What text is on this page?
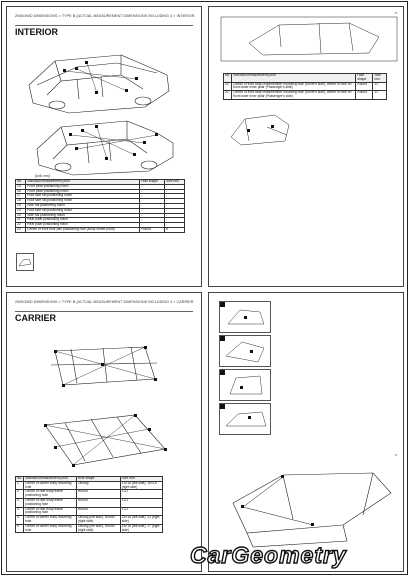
2WD/4WD DIMENSIONS > TYPE B (ACTUAL MEASUREMENT DIMENSIONS INCLUDING 4 > INTERIOR
INTERIOR
[Unit: mm]
No.	Standard measurement point	Hole shape	Size mm
15	Front pillar positioning notch	-	-
16	Front pillar positioning notch	-	-
17	Roof side rail positioning notch	-	-
18	Roof side rail positioning notch	-	-
19	Side rail positioning notch	-	-
19	Roof side rail positioning notch	-	-
20	Side rail positioning notch	-	-
21	Rear pillar positioning notch	-	-
22	Rear pillar positioning notch	-	-
23	Center of front floor pan positioning hole (Body center point)	Round	8
▪▪
No.	Standard measurement point	Hole shape	Size mm
20	Center of front seat crossmember mounting hole (Driver's side), center of hole on front lower inner pillar (Passenger's side)	Round	11
21	Center of front seat crossmember mounting hole (Driver's side), center of hole on front lower inner pillar (Passenger's side)	Round	11
2WD/4WD DIMENSIONS > TYPE B (ACTUAL MEASUREMENT DIMENSIONS INCLUDING 4 > CARRIER
CARRIER
No.	Standard measurement point	Hole shape	Size mm
1	Center of carrier body mounting hole	Oblong	13×18 (left side), 16×18 (right side)
2	Center of rear body frame positioning hole	Round	13.2
3	Center of rear body frame positioning hole	Round	13.2
4	Center of rear body frame positioning hole	Round	13.2
5	Center of carrier body mounting hole	Oblong (left side), Round (right side)	16×18 (left side), 13 (right side)
6	Center of carrier body mounting hole	Oblong (left side), Round (right side)	16×18 (left side), 17 (right side)
▪▪
CarGeometry
